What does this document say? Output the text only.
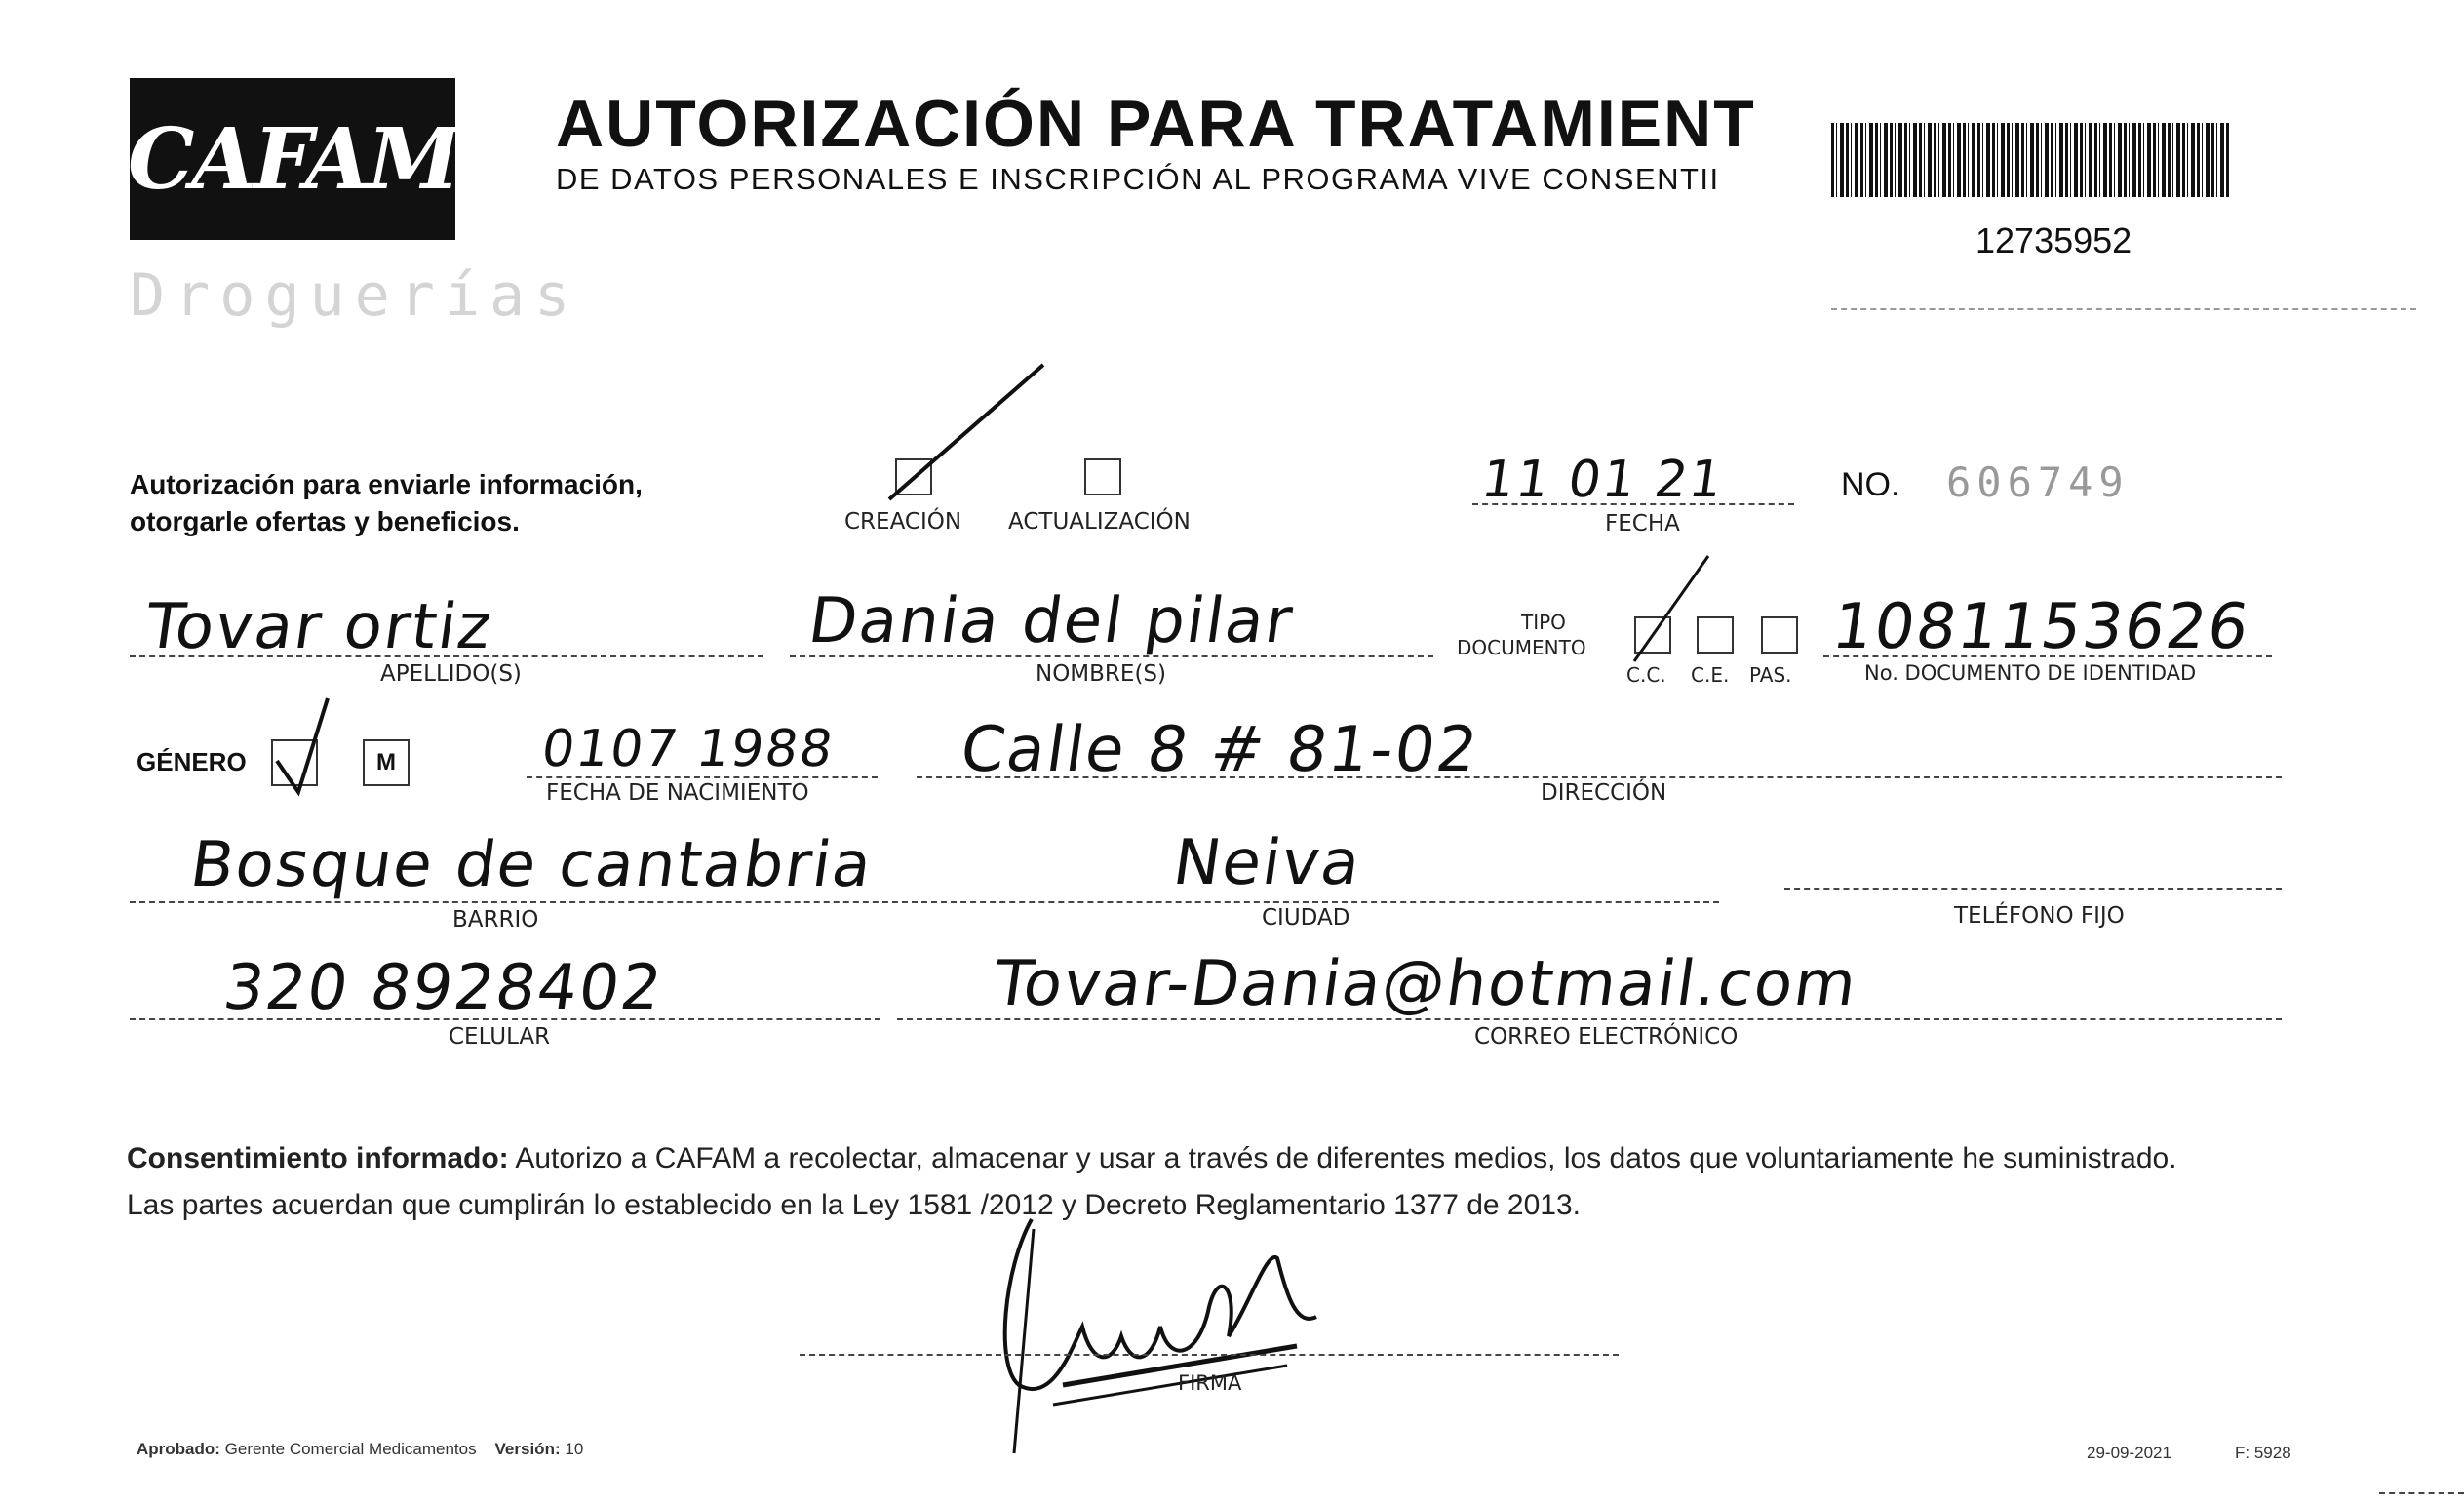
CAFAM
Droguerías
AUTORIZACIÓN PARA TRATAMIENT
DE DATOS PERSONALES E INSCRIPCIÓN AL PROGRAMA VIVE CONSENTII
12735952
Autorización para enviarle información,
otorgarle ofertas y beneficios.	CREACIÓN ACTUALIZACIÓN
11 01 21
FECHA
NO. 606749
Tovar ortiz
APELLIDO(S)
Dania del pilar
NOMBRE(S)
TIPO
DOCUMENTO
C.C. C.E. PAS.
1081153626
No. DOCUMENTO DE IDENTIDAD
GÉNERO	M	0107 1988
FECHA DE NACIMIENTO
Calle 8 # 81-02
DIRECCIÓN
Bosque de cantabria
BARRIO
Neiva
CIUDAD	TELÉFONO FIJO
320 8928402
CELULAR
Tovar-Dania@hotmail.com
CORREO ELECTRÓNICO
Consentimiento informado: Autorizo a CAFAM a recolectar, almacenar y usar a través de diferentes medios, los datos que voluntariamente he suministrado.
Las partes acuerdan que cumplirán lo establecido en la Ley 1581 /2012 y Decreto Reglamentario 1377 de 2013.
FIRMA
Aprobado: Gerente Comercial Medicamentos Versión: 10	29-09-2021	F: 5928
